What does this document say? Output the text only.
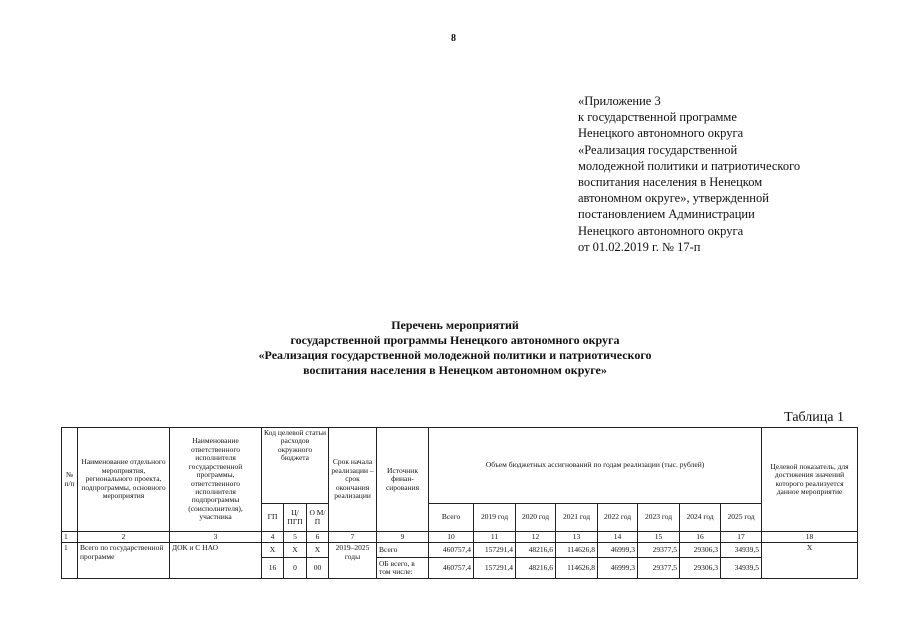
8
«Приложение 3
к государственной программе
Ненецкого автономного округа
«Реализация государственной
молодежной политики и патриотического
воспитания населения в Ненецком
автономном округе», утвержденной
постановлением Администрации
Ненецкого автономного округа
от 01.02.2019 г. № 17-п
Перечень мероприятий
государственной программы Ненецкого автономного округа
«Реализация государственной молодежной политики и патриотического
воспитания населения в Ненецком автономном округе»
Таблица 1
№ п/п	Наименование отдельного мероприятия, регионального проекта, подпрограммы, основного мероприятия	Наименование ответственного исполнителя государственной программы, ответственного исполнителя подпрограммы (соисполнителя), участника	Код целевой статьи расходов окружного бюджета			Срок начала реализации – срок окончания реализации	Источник финан- сирования	Объем бюджетных ассигнований по годам реализации (тыс. рублей)								Целевой показатель, для достижения значений которого реализуется данное мероприятие
			ГП	Ц/ПГП	О М/П			Всего	2019 год	2020 год	2021 год	2022 год	2023 год	2024 год	2025 год	
1	2	3	4	5	6	7	9	10	11	12	13	14	15	16	17	18
1	Всего по государственной программе	ДОК и С НАО	Х	Х	Х	2019–2025 годы	Всего	460757,4	157291,4	48216,6	114626,8	46999,3	29377,5	29306,3	34939,5	Х
			16	0	00		ОБ всего, в том числе:	460757,4	157291,4	48216,6	114626,8	46999,3	29377,5	29306,3	34939,5	
